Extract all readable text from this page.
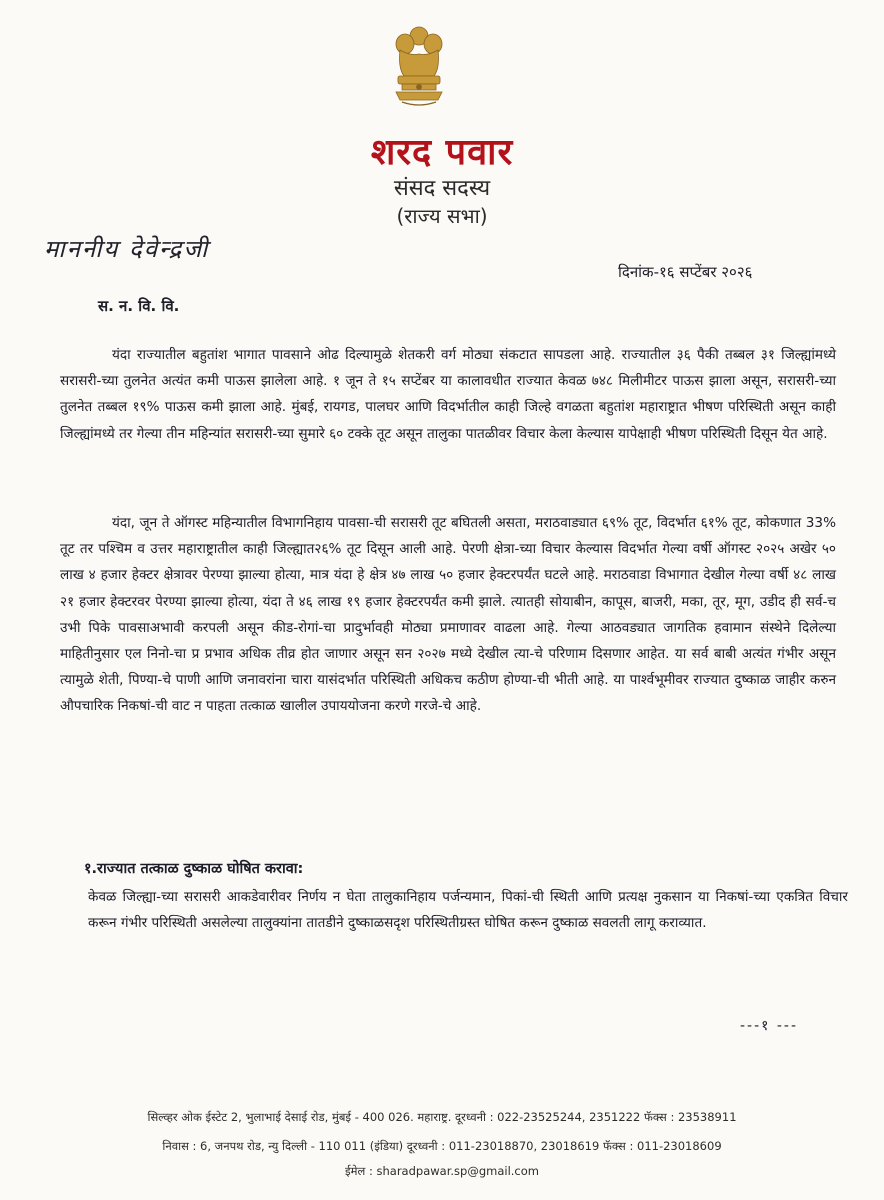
शरद पवार
संसद सदस्य
(राज्य सभा)
माननीय देवेन्द्रजी
दिनांक-१६ सप्टेंबर २०२६
स. न. वि. वि.
यंदा राज्यातील बहुतांश भागात पावसाने ओढ दिल्यामुळे शेतकरी वर्ग मोठ्या संकटात सापडला आहे. राज्यातील ३६ पैकी तब्बल ३१ जिल्ह्यांमध्ये सरासरी-च्या तुलनेत अत्यंत कमी पाऊस झालेला आहे. १ जून ते १५ सप्टेंबर या कालावधीत राज्यात केवळ ७४८ मिलीमीटर पाऊस झाला असून, सरासरी-च्या तुलनेत तब्बल १९% पाऊस कमी झाला आहे. मुंबई, रायगड, पालघर आणि विदर्भातील काही जिल्हे वगळता बहुतांश महाराष्ट्रात भीषण परिस्थिती असून काही जिल्ह्यांमध्ये तर गेल्या तीन महिन्यांत सरासरी-च्या सुमारे ६० टक्के तूट असून तालुका पातळीवर विचार केला केल्यास यापेक्षाही भीषण परिस्थिती दिसून येत आहे.
यंदा, जून ते ऑगस्ट महिन्यातील विभागनिहाय पावसा-ची सरासरी तूट बघितली असता, मराठवाड्यात ६९% तूट, विदर्भात ६१% तूट, कोकणात 33% तूट तर पश्चिम व उत्तर महाराष्ट्रातील काही जिल्ह्यात२६% तूट दिसून आली आहे. पेरणी क्षेत्रा-च्या विचार केल्यास विदर्भात गेल्या वर्षी ऑगस्ट २०२५ अखेर ५० लाख ४ हजार हेक्टर क्षेत्रावर पेरण्या झाल्या होत्या, मात्र यंदा हे क्षेत्र ४७ लाख ५० हजार हेक्टरपर्यंत घटले आहे. मराठवाडा विभागात देखील गेल्या वर्षी ४८ लाख २१ हजार हेक्टरवर पेरण्या झाल्या होत्या, यंदा ते ४६ लाख १९ हजार हेक्टरपर्यंत कमी झाले. त्यातही सोयाबीन, कापूस, बाजरी, मका, तूर, मूग, उडीद ही सर्व-च उभी पिके पावसाअभावी करपली असून कीड-रोगां-चा प्रादुर्भावही मोठ्या प्रमाणावर वाढला आहे. गेल्या आठवड्यात जागतिक हवामान संस्थेने दिलेल्या माहितीनुसार एल निनो-चा प्र प्रभाव अधिक तीव्र होत जाणार असून सन २०२७ मध्ये देखील त्या-चे परिणाम दिसणार आहेत. या सर्व बाबी अत्यंत गंभीर असून त्यामुळे शेती, पिण्या-चे पाणी आणि जनावरांना चारा यासंदर्भात परिस्थिती अधिकच कठीण होण्या-ची भीती आहे. या पार्श्वभूमीवर राज्यात दुष्काळ जाहीर करुन औपचारिक निकषां-ची वाट न पाहता तत्काळ खालील उपाययोजना करणे गरजे-चे आहे.
१.राज्यात तत्काळ दुष्काळ घोषित करावा:
केवळ जिल्ह्या-च्या सरासरी आकडेवारीवर निर्णय न घेता तालुकानिहाय पर्जन्यमान, पिकां-ची स्थिती आणि प्रत्यक्ष नुकसान या निकषां-च्या एकत्रित विचार करून गंभीर परिस्थिती असलेल्या तालुक्यांना तातडीने दुष्काळसदृश परिस्थितीग्रस्त घोषित करून दुष्काळ सवलती लागू कराव्यात.
---१ ---
सिल्व्हर ओक ईस्टेट 2, भुलाभाई देसाई रोड, मुंबई - 400 026. महाराष्ट्र. दूरध्वनी : 022-23525244, 2351222 फॅक्स : 23538911
निवास : 6, जनपथ रोड, न्यु दिल्ली - 110 011 (इंडिया) दूरध्वनी : 011-23018870, 23018619 फॅक्स : 011-23018609
ईमेल : sharadpawar.sp@gmail.com
